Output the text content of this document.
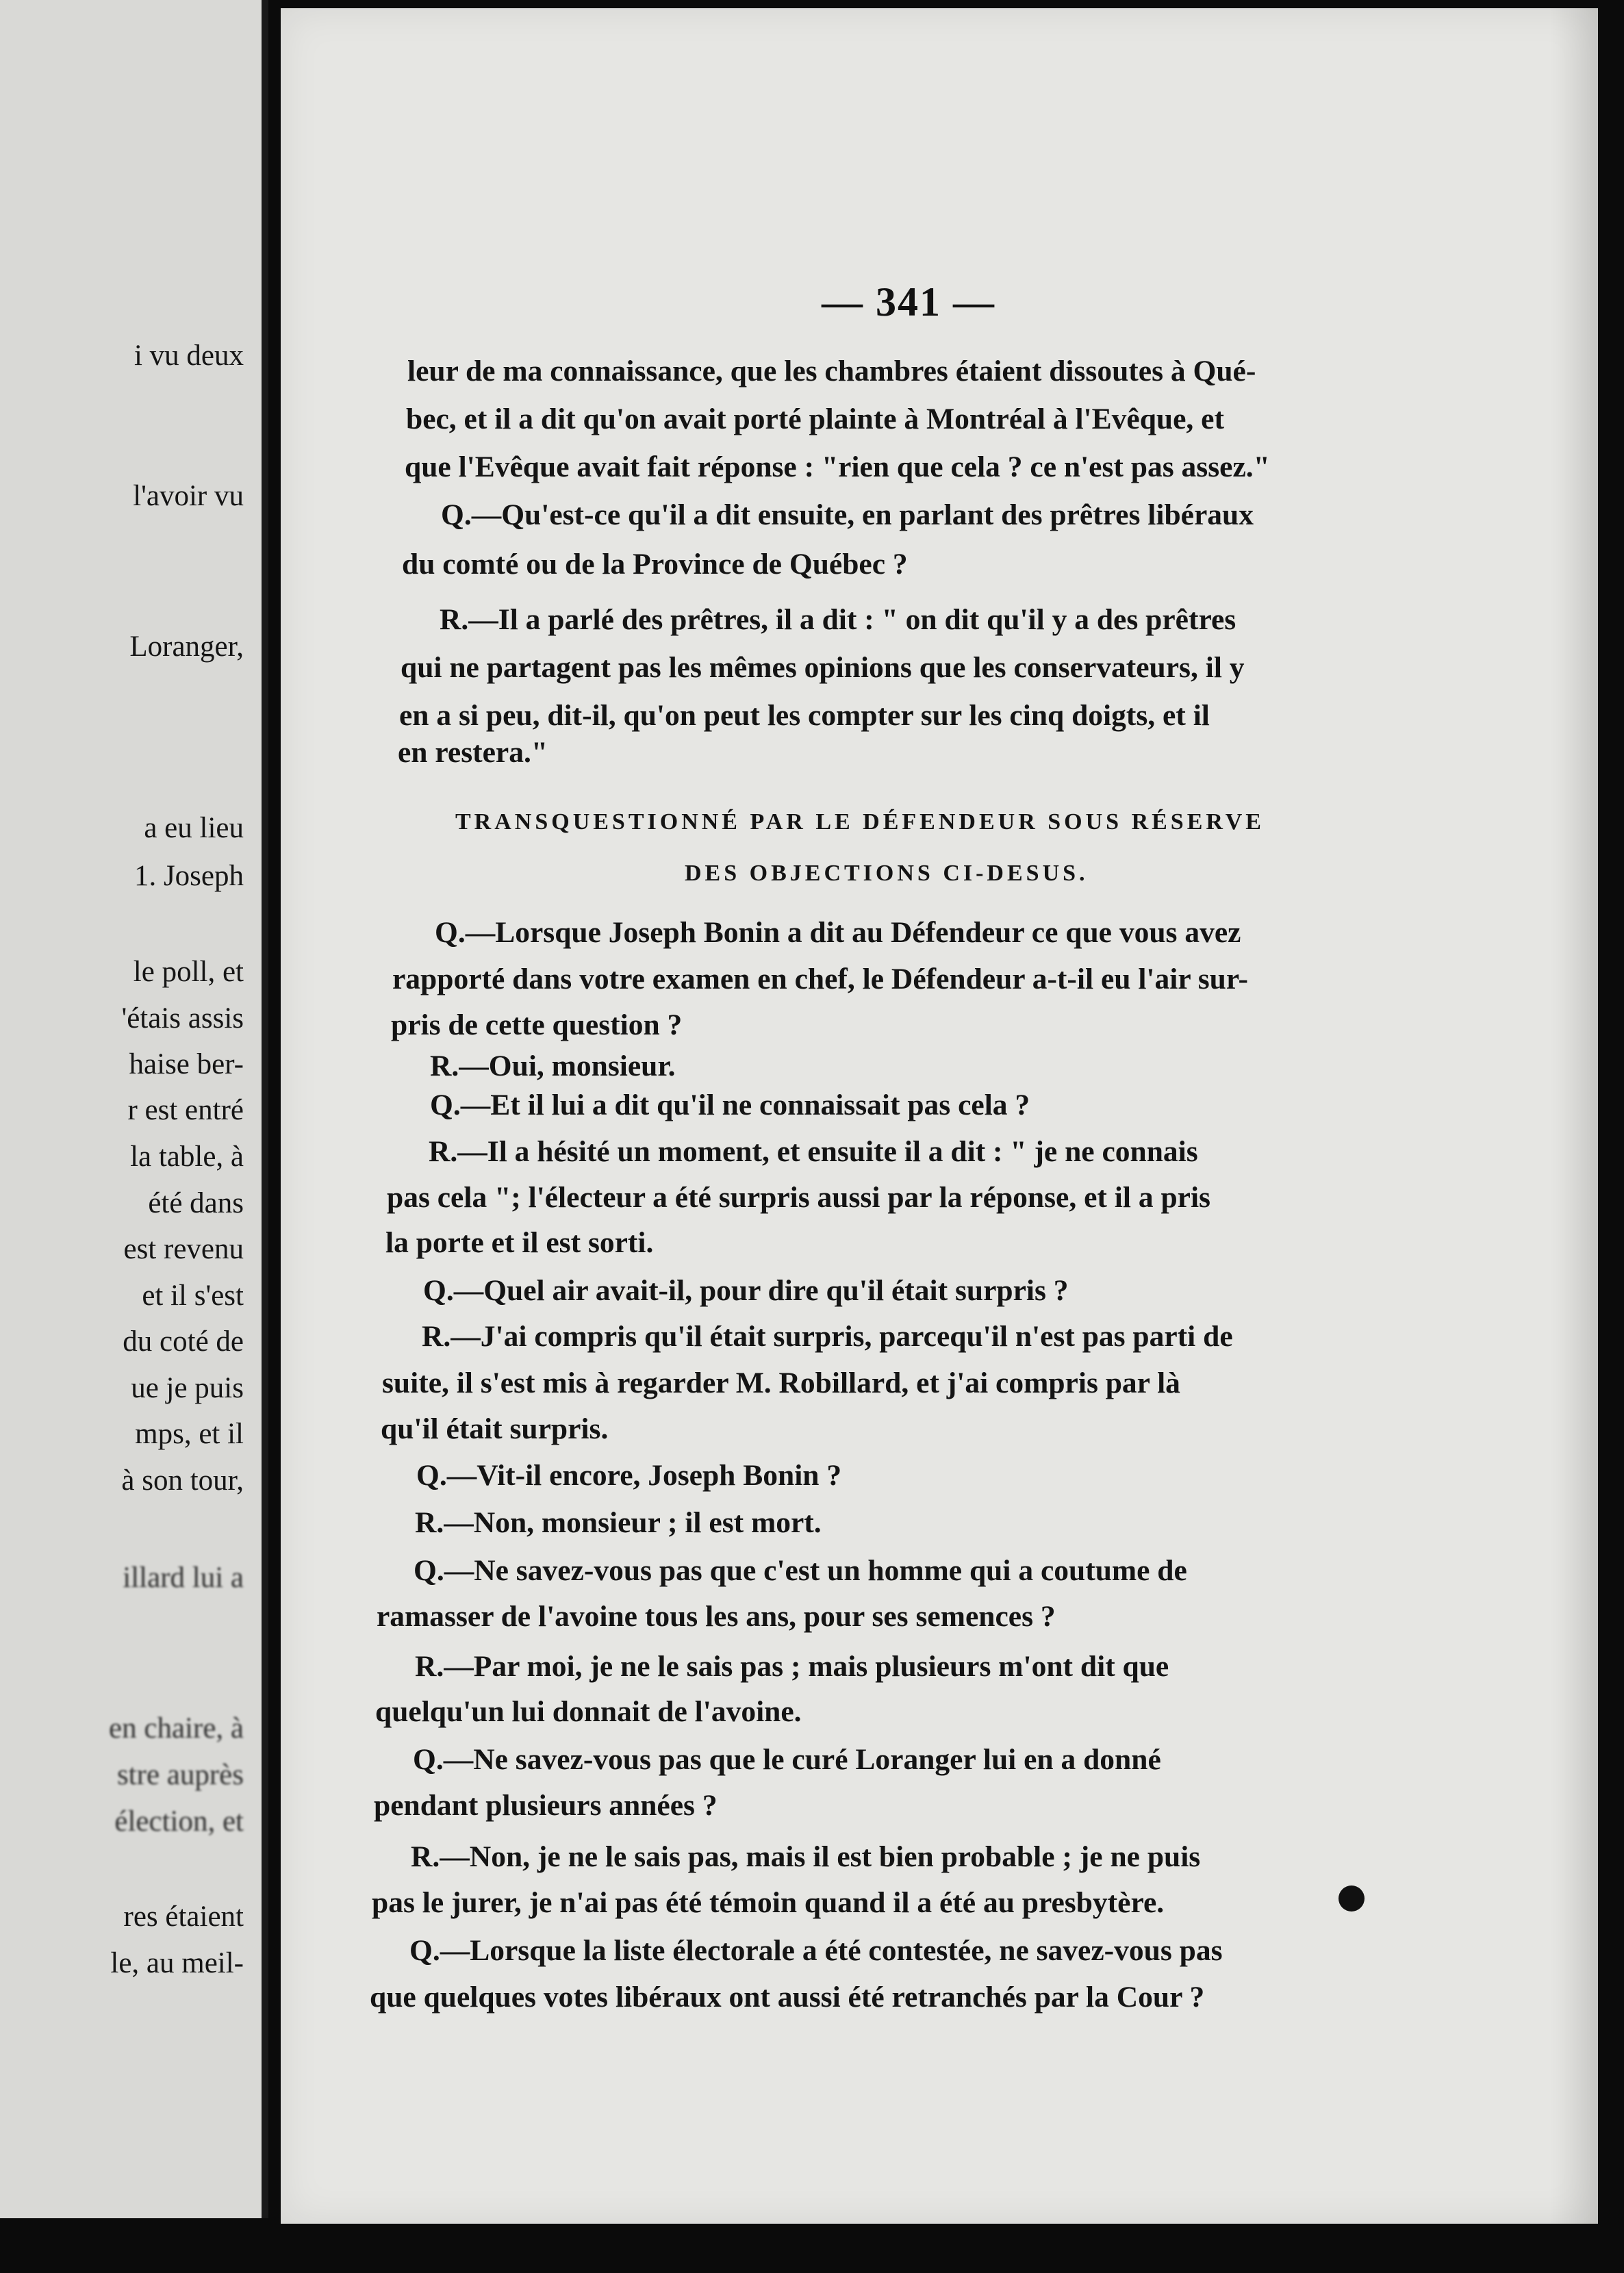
i vu deux
l'avoir vu
Loranger,
a eu lieu
1. Joseph
le poll, et
'étais assis
haise ber-
r est entré
la table, à
été dans
est revenu
et il s'est
du coté de
ue je puis
mps, et il
à son tour,
illard lui a
en chaire, à
stre auprès
élection, et
res étaient
le, au meil-
— 341 —
leur de ma connaissance, que les chambres étaient dissoutes à Qué-
bec, et il a dit qu'on avait porté plainte à Montréal à l'Evêque, et
que l'Evêque avait fait réponse : "rien que cela ? ce n'est pas assez."
Q.—Qu'est-ce qu'il a dit ensuite, en parlant des prêtres libéraux
du comté ou de la Province de Québec ?
R.—Il a parlé des prêtres, il a dit : " on dit qu'il y a des prêtres
qui ne partagent pas les mêmes opinions que les conservateurs, il y
en a si peu, dit-il, qu'on peut les compter sur les cinq doigts, et il
en restera."
TRANSQUESTIONNÉ PAR LE DÉFENDEUR SOUS RÉSERVE
DES OBJECTIONS CI-DESUS.
Q.—Lorsque Joseph Bonin a dit au Défendeur ce que vous avez
rapporté dans votre examen en chef, le Défendeur a-t-il eu l'air sur-
pris de cette question ?
R.—Oui, monsieur.
Q.—Et il lui a dit qu'il ne connaissait pas cela ?
R.—Il a hésité un moment, et ensuite il a dit : " je ne connais
pas cela "; l'électeur a été surpris aussi par la réponse, et il a pris
la porte et il est sorti.
Q.—Quel air avait-il, pour dire qu'il était surpris ?
R.—J'ai compris qu'il était surpris, parcequ'il n'est pas parti de
suite, il s'est mis à regarder M. Robillard, et j'ai compris par là
qu'il était surpris.
Q.—Vit-il encore, Joseph Bonin ?
R.—Non, monsieur ; il est mort.
Q.—Ne savez-vous pas que c'est un homme qui a coutume de
ramasser de l'avoine tous les ans, pour ses semences ?
R.—Par moi, je ne le sais pas ; mais plusieurs m'ont dit que
quelqu'un lui donnait de l'avoine.
Q.—Ne savez-vous pas que le curé Loranger lui en a donné
pendant plusieurs années ?
R.—Non, je ne le sais pas, mais il est bien probable ; je ne puis
pas le jurer, je n'ai pas été témoin quand il a été au presbytère.
Q.—Lorsque la liste électorale a été contestée, ne savez-vous pas
que quelques votes libéraux ont aussi été retranchés par la Cour ?
